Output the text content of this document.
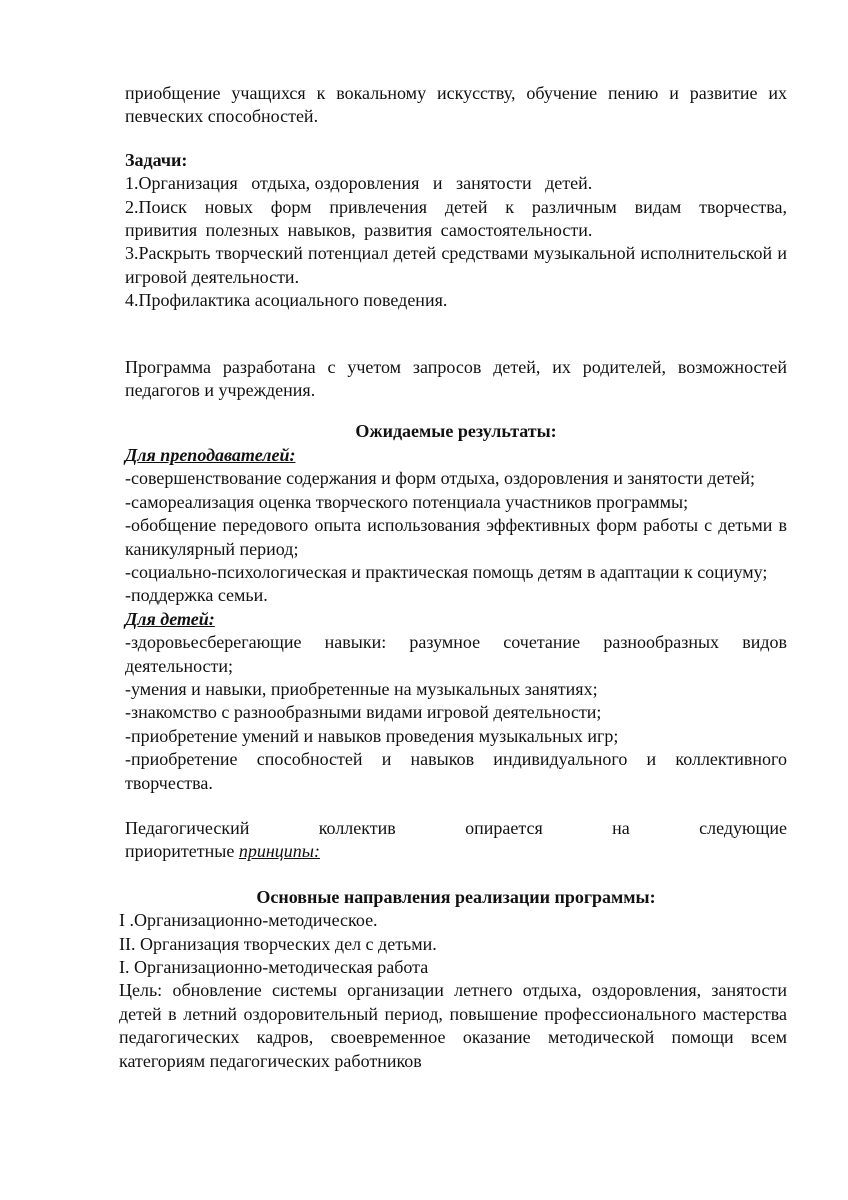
приобщение учащихся к вокальному искусству, обучение пению и развитие их певческих способностей.

Задачи:

1.Организация   отдыха, оздоровления   и   занятости   детей.

2.Поиск новых форм привлечения детей к различным видам творчества, привития полезных навыков, развития самостоятельности.

3.Раскрыть творческий потенциал детей средствами музыкальной исполнительской и игровой деятельности.

4.Профилактика асоциального поведения.

Программа разработана с учетом запросов детей, их родителей, возможностей педагогов и учреждения.

Ожидаемые результаты:

Для преподавателей:

-совершенствование содержания и форм отдыха, оздоровления и занятости детей;

-самореализация оценка творческого потенциала участников программы;

-обобщение передового опыта использования эффективных форм работы с детьми в каникулярный период;

-социально-психологическая и практическая помощь детям в адаптации к социуму;

-поддержка семьи.

Для детей:

-здоровьесберегающие навыки: разумное сочетание разнообразных видов деятельности;

-умения и навыки, приобретенные на музыкальных занятиях;

-знакомство с разнообразными видами игровой деятельности;

-приобретение умений и навыков проведения музыкальных игр;

-приобретение способностей и навыков индивидуального и коллективного творчества.

Педагогический	коллектив	опирается	на	следующие

приоритетные принципы:

Основные направления реализации программы:

I .Организационно-методическое.

II. Организация творческих дел с детьми.

I. Организационно-методическая работа

Цель: обновление системы организации летнего отдыха, оздоровления, занятости детей в летний оздоровительный период, повышение профессионального мастерства педагогических кадров, своевременное оказание методической помощи всем категориям педагогических работников
